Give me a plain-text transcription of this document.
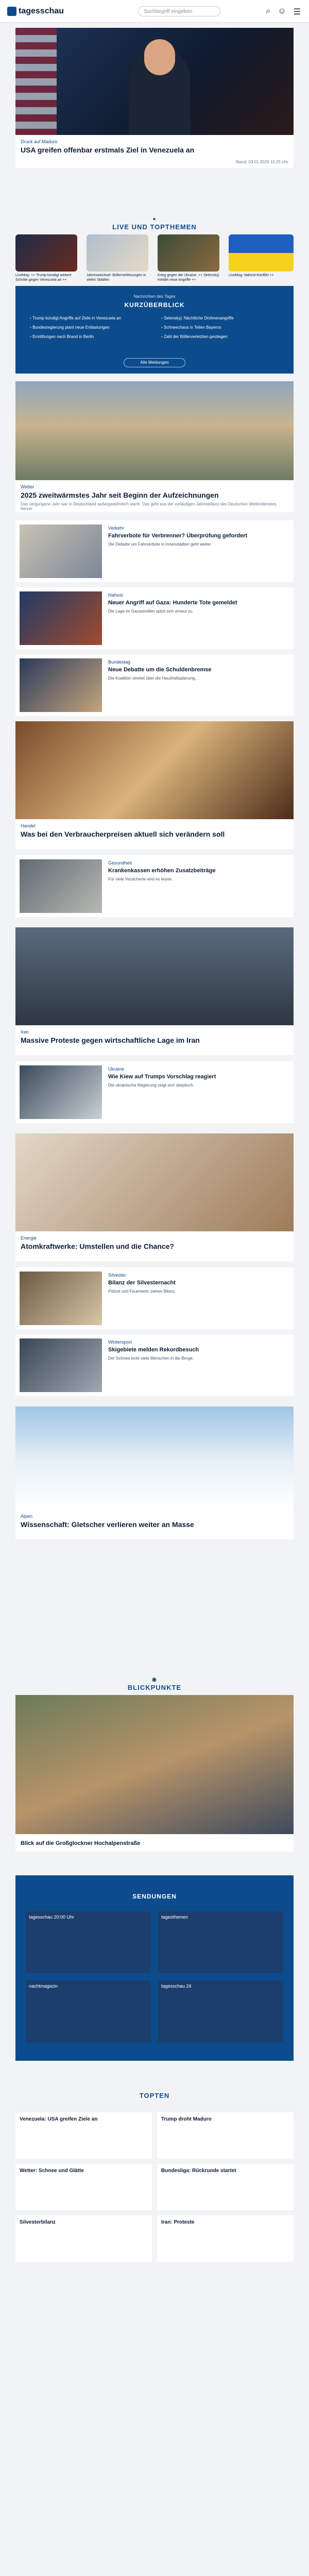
tagesschau	Suchbegriff eingeben	⌕ ☺ ☰
Druck auf Maduro
USA greifen offenbar erstmals Ziel in Venezuela an
Stand: 03.01.2026 10:25 Uhr
●
LIVE UND TOPTHEMEN
Liveblog: ++ Trump kündigt weitere Schritte gegen Venezuela an ++
Jahreswechsel: Böllerverletzungen in vielen Städten
Krieg gegen die Ukraine: ++ Selenskyj meldet neue Angriffe ++
Liveblog: Nahost-Konflikt ++
Nachrichten des Tages
KURZÜBERBLICK
▪ Trump kündigt Angriffe auf Ziele in Venezuela an	▪ Selenskyj: Nächtliche Drohnenangriffe
▪ Bundesregierung plant neue Entlastungen	▪ Schneechaos in Teilen Bayerns
▪ Ermittlungen nach Brand in Berlin	▪ Zahl der Böllerverletzten gestiegen
Alle Meldungen
Wetter
2025 zweitwärmstes Jahr seit Beginn der Aufzeichnungen
Das vergangene Jahr war in Deutschland außergewöhnlich warm. Das geht aus der vorläufigen Jahresbilanz des Deutschen Wetterdienstes hervor.
Verkehr
Fahrverbote für Verbrenner? Überprüfung gefordert
Die Debatte um Fahrverbote in Innenstädten geht weiter.
Nahost
Neuer Angriff auf Gaza: Hunderte Tote gemeldet
Die Lage im Gazastreifen spitzt sich erneut zu.
Bundestag
Neue Debatte um die Schuldenbremse
Die Koalition streitet über die Haushaltsplanung.
Handel
Was bei den Verbraucherpreisen aktuell sich verändern soll
Gesundheit
Krankenkassen erhöhen Zusatzbeiträge
Für viele Versicherte wird es teurer.
Iran
Massive Proteste gegen wirtschaftliche Lage im Iran
Ukraine
Wie Kiew auf Trumps Vorschlag reagiert
Die ukrainische Regierung zeigt sich skeptisch.
Energie
Atomkraftwerke: Umstellen und die Chance?
Silvester
Bilanz der Silvesternacht
Polizei und Feuerwehr ziehen Bilanz.
Wintersport
Skigebiete melden Rekordbesuch
Der Schnee lockt viele Menschen in die Berge.
Alpen
Wissenschaft: Gletscher verlieren weiter an Masse
◉
BLICKPUNKTE
Blick auf die Großglockner Hochalpenstraße
SENDUNGEN
tagesschau 20:00 Uhr	tagesthemen
nachtmagazin	tagesschau 24
TOPTEN
Venezuela: USA greifen Ziele an	Trump droht Maduro
Wetter: Schnee und Glätte	Bundesliga: Rückrunde startet
Silvesterbilanz	Iran: Proteste
